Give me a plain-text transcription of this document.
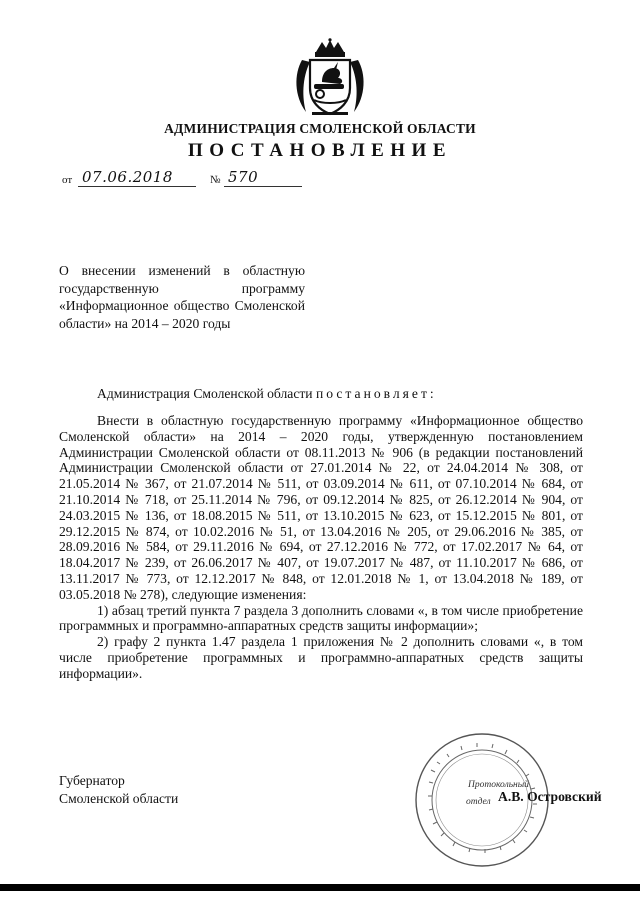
АДМИНИСТРАЦИЯ СМОЛЕНСКОЙ ОБЛАСТИ
ПОСТАНОВЛЕНИЕ
от 07.06.2018	№ 570
О внесении изменений в областную государственную программу «Информационное общество Смоленской области» на 2014 – 2020 годы
Администрация Смоленской области постановляет:

Внести в областную государственную программу «Информационное общество Смоленской области» на 2014 – 2020 годы, утвержденную постановлением Администрации Смоленской области от 08.11.2013 № 906 (в редакции постановлений Администрации Смоленской области от 27.01.2014 № 22, от 24.04.2014 № 308, от 21.05.2014 № 367, от 21.07.2014 № 511, от 03.09.2014 № 611, от 07.10.2014 № 684, от 21.10.2014 № 718, от 25.11.2014 № 796, от 09.12.2014 № 825, от 26.12.2014 № 904, от 24.03.2015 № 136, от 18.08.2015 № 511, от 13.10.2015 № 623, от 15.12.2015 № 801, от 29.12.2015 № 874, от 10.02.2016 № 51, от 13.04.2016 № 205, от 29.06.2016 № 385, от 28.09.2016 № 584, от 29.11.2016 № 694, от 27.12.2016 № 772, от 17.02.2017 № 64, от 18.04.2017 № 239, от 26.06.2017 № 407, от 19.07.2017 № 487, от 11.10.2017 № 686, от 13.11.2017 № 773, от 12.12.2017 № 848, от 12.01.2018 № 1, от 13.04.2018 № 189, от 03.05.2018 № 278), следующие изменения:

1) абзац третий пункта 7 раздела 3 дополнить словами «, в том числе приобретение программных и программно-аппаратных средств защиты информации»;

2) графу 2 пункта 1.47 раздела 1 приложения № 2 дополнить словами «, в том числе приобретение программных и программно-аппаратных средств защиты информации».

Губернатор
Смоленской области
Протокольный
отдел А.В. Островский
